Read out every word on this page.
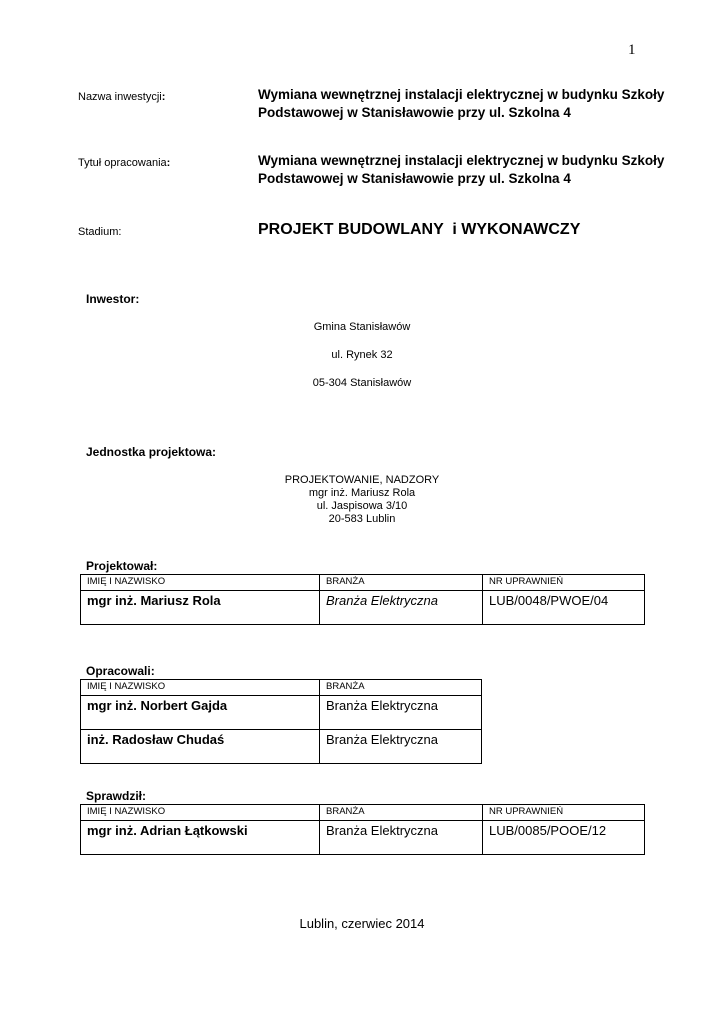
1
Nazwa inwestycji:	Wymiana wewnętrznej instalacji elektrycznej w budynku Szkoły
Podstawowej w Stanisławowie przy ul. Szkolna 4
Tytuł opracowania:	Wymiana wewnętrznej instalacji elektrycznej w budynku Szkoły
Podstawowej w Stanisławowie przy ul. Szkolna 4
Stadium:	PROJEKT BUDOWLANY  i WYKONAWCZY
Inwestor:
Gmina Stanisławów
ul. Rynek 32
05-304 Stanisławów
Jednostka projektowa:
PROJEKTOWANIE, NADZORY
mgr inż. Mariusz Rola
ul. Jaspisowa 3/10
20-583 Lublin
Projektował:
IMIĘ I NAZWISKO	BRANŻA	NR UPRAWNIEŃ
mgr inż. Mariusz Rola	Branża Elektryczna	LUB/0048/PWOE/04
Opracowali:
IMIĘ I NAZWISKO	BRANŻA
mgr inż. Norbert Gajda	Branża Elektryczna
inż. Radosław Chudaś	Branża Elektryczna
Sprawdził:
IMIĘ I NAZWISKO	BRANŻA	NR UPRAWNIEŃ
mgr inż. Adrian Łątkowski	Branża Elektryczna	LUB/0085/POOE/12
Lublin, czerwiec 2014
